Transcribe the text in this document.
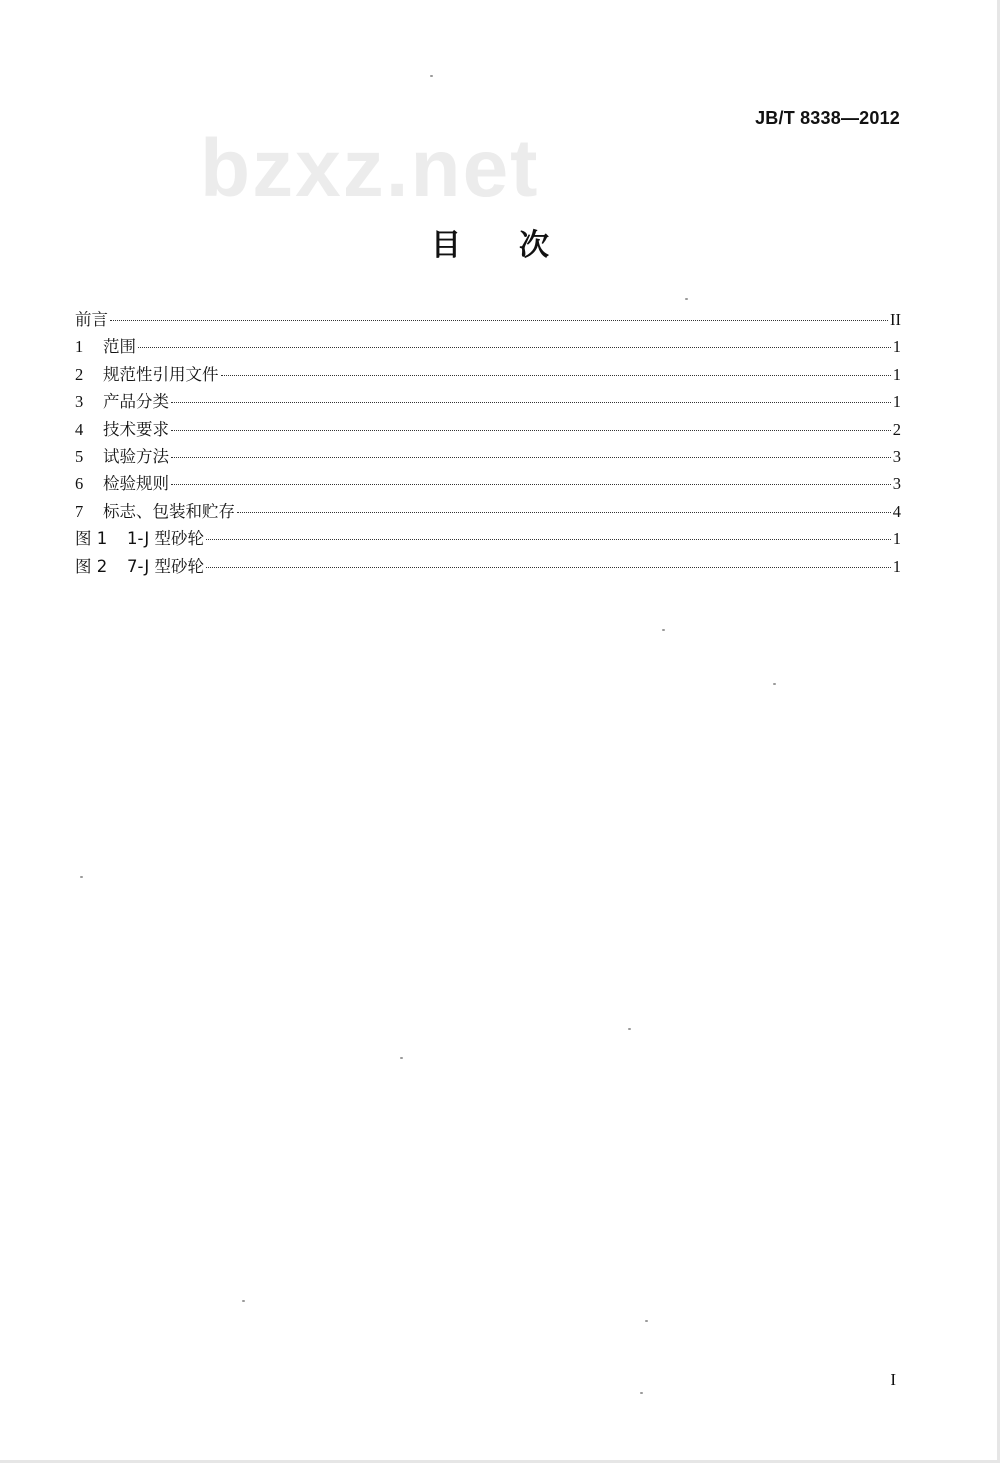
JB/T 8338—2012
bzxz.net
目次
前言	II
1	范围	1
2	规范性引用文件	1
3	产品分类	1
4	技术要求	2
5	试验方法	3
6	检验规则	3
7	标志、包装和贮存	4
图 1	1-J 型砂轮	1
图 2	7-J 型砂轮	1
I
